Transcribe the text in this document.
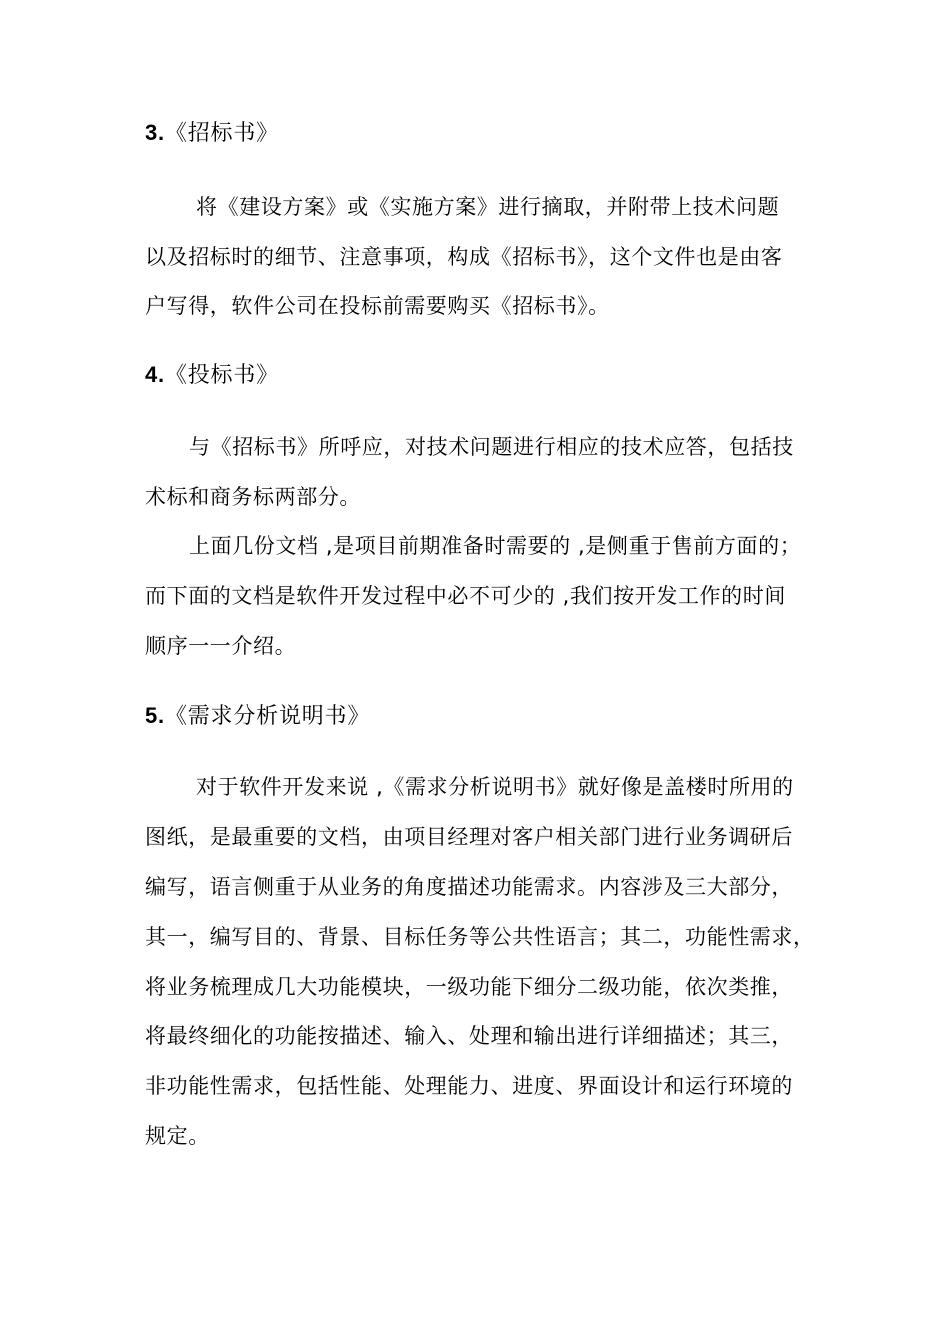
3.《招标书》
将《建设方案》或《实施方案》进行摘取，并附带上技术问题
以及招标时的细节、注意事项，构成《招标书》，这个文件也是由客
户写得，软件公司在投标前需要购买《招标书》。
4.《投标书》
与《招标书》所呼应，对技术问题进行相应的技术应答，包括技
术标和商务标两部分。
上面几份文档 ,是项目前期准备时需要的 ,是侧重于售前方面的；
而下面的文档是软件开发过程中必不可少的 ,我们按开发工作的时间
顺序一一介绍。
5.《需求分析说明书》
对于软件开发来说 ,《需求分析说明书》就好像是盖楼时所用的
图纸，是最重要的文档，由项目经理对客户相关部门进行业务调研后
编写，语言侧重于从业务的角度描述功能需求。内容涉及三大部分，
其一，编写目的、背景、目标任务等公共性语言；其二，功能性需求，
将业务梳理成几大功能模块，一级功能下细分二级功能，依次类推，
将最终细化的功能按描述、输入、处理和输出进行详细描述；其三，
非功能性需求，包括性能、处理能力、进度、界面设计和运行环境的
规定。
